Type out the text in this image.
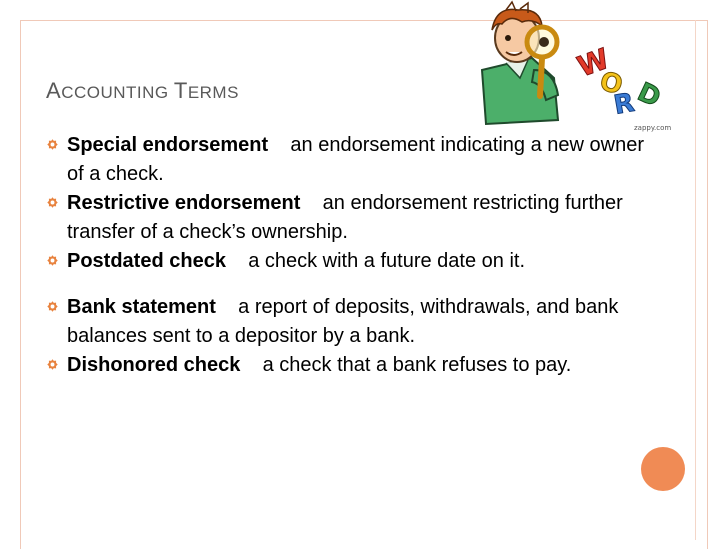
ACCOUNTING TERMS
W
O
R
D
zappy.com
Special endorsement an endorsement indicating a new owner of a check.
Restrictive endorsement an endorsement restricting further transfer of a check’s ownership.
Postdated check a check with a future date on it.
Bank statement a report of deposits, withdrawals, and bank balances sent to a depositor by a bank.
Dishonored check a check that a bank refuses to pay.
